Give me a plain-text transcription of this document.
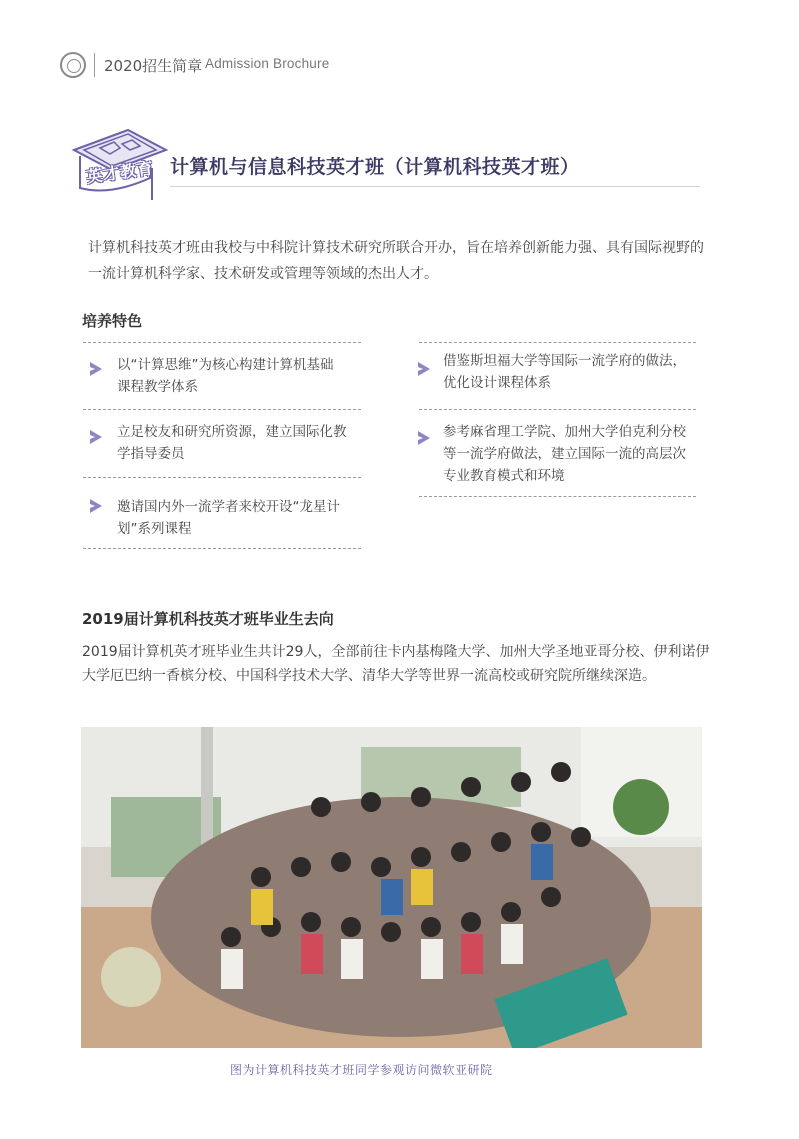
2020招生简章 Admission Brochure
英才教育 计算机与信息科技英才班（计算机科技英才班）
计算机科技英才班由我校与中科院计算技术研究所联合开办，旨在培养创新能力强、具有国际视野的一流计算机科学家、技术研发或管理等领域的杰出人才。
培养特色
以“计算思维”为核心构建计算机基础
课程教学体系
立足校友和研究所资源，建立国际化教
学指导委员
邀请国内外一流学者来校开设“龙星计
划”系列课程
借鉴斯坦福大学等国际一流学府的做法，
优化设计课程体系
参考麻省理工学院、加州大学伯克利分校
等一流学府做法，建立国际一流的高层次
专业教育模式和环境
2019届计算机科技英才班毕业生去向
2019届计算机英才班毕业生共计29人，全部前往卡内基梅隆大学、加州大学圣地亚哥分校、伊利诺伊大学厄巴纳一香槟分校、中国科学技术大学、清华大学等世界一流高校或研究院所继续深造。
图为计算机科技英才班同学参观访问微软亚研院
